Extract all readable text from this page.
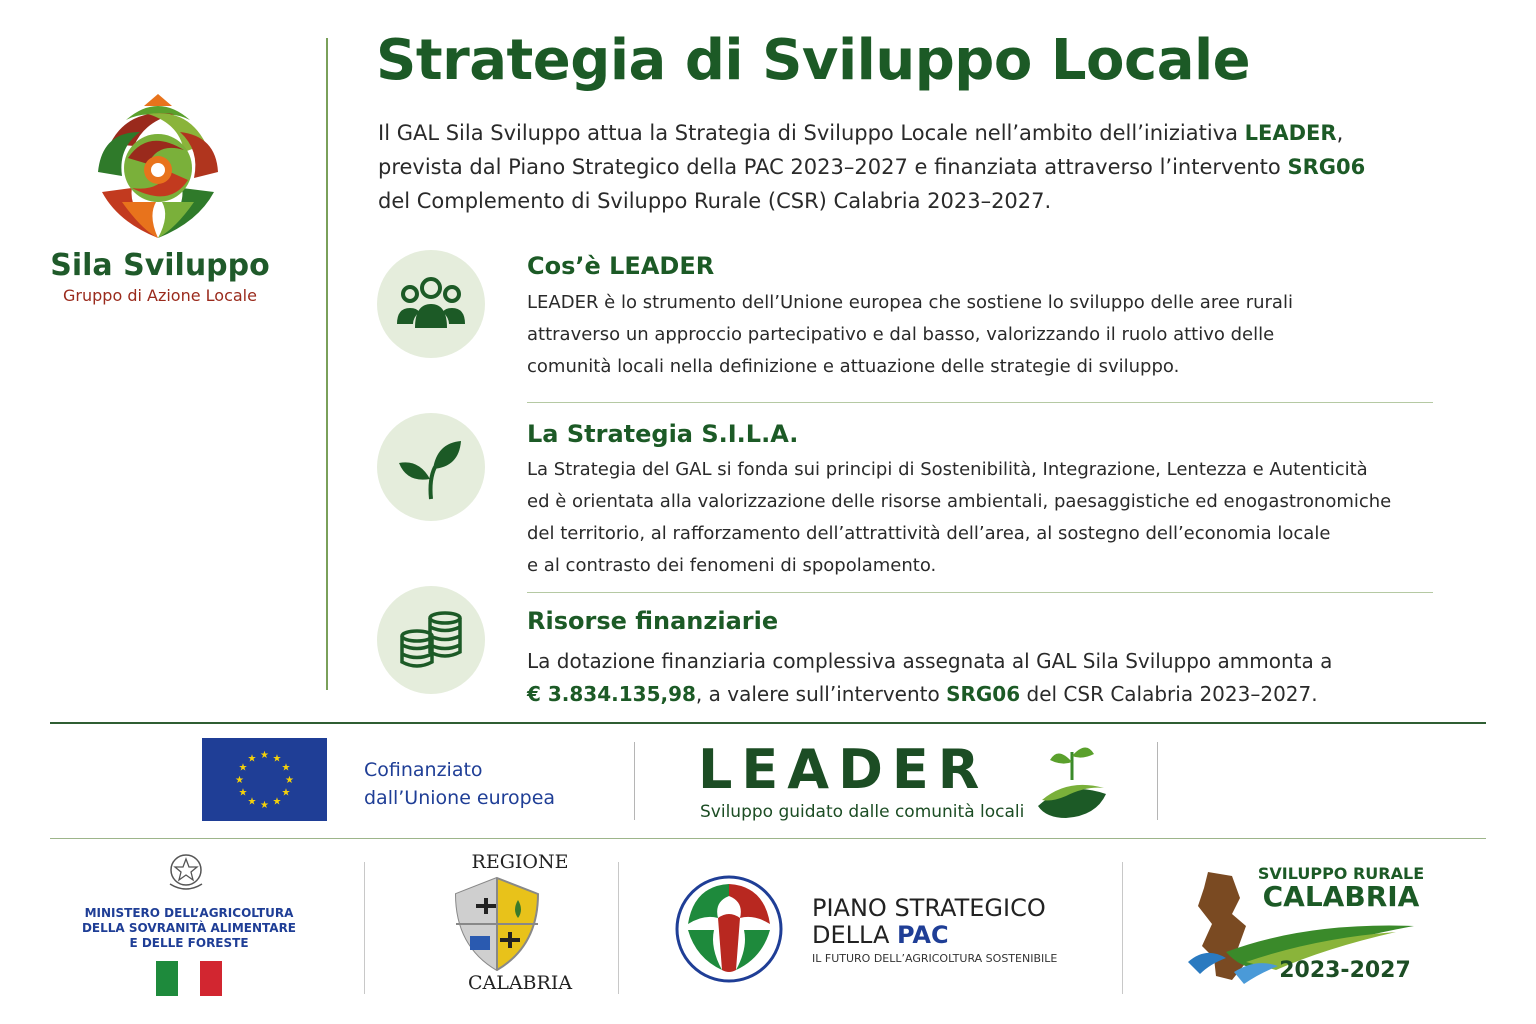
Sila Sviluppo
Gruppo di Azione Locale
Strategia di Sviluppo Locale
Il GAL Sila Sviluppo attua la Strategia di Sviluppo Locale nell’ambito dell’iniziativa LEADER, prevista dal Piano Strategico della PAC 2023–2027 e finanziata attraverso l’intervento SRG06 del Complemento di Sviluppo Rurale (CSR) Calabria 2023–2027.
Cos’è LEADER
LEADER è lo strumento dell’Unione europea che sostiene lo sviluppo delle aree rurali
attraverso un approccio partecipativo e dal basso, valorizzando il ruolo attivo delle
comunità locali nella definizione e attuazione delle strategie di sviluppo.
La Strategia S.I.L.A.
La Strategia del GAL si fonda sui principi di Sostenibilità, Integrazione, Lentezza e Autenticità
ed è orientata alla valorizzazione delle risorse ambientali, paesaggistiche ed enogastronomiche
del territorio, al rafforzamento dell’attrattività dell’area, al sostegno dell’economia locale
e al contrasto dei fenomeni di spopolamento.
Risorse finanziarie
La dotazione finanziaria complessiva assegnata al GAL Sila Sviluppo ammonta a
€ 3.834.135,98, a valere sull’intervento SRG06 del CSR Calabria 2023–2027.
★ ★
★
★
★
★
★
★
★
★
★
★	Cofinanziato
dall’Unione europea	LEADER
Sviluppo guidato dalle comunità locali
MINISTERO DELL’AGRICOLTURA
DELLA SOVRANITÀ ALIMENTARE
E DELLE FORESTE
REGIONE
CALABRIA
PIANO STRATEGICO
DELLA PAC
IL FUTURO DELL’AGRICOLTURA SOSTENIBILE
SVILUPPO RURALE
CALABRIA
2023-2027
